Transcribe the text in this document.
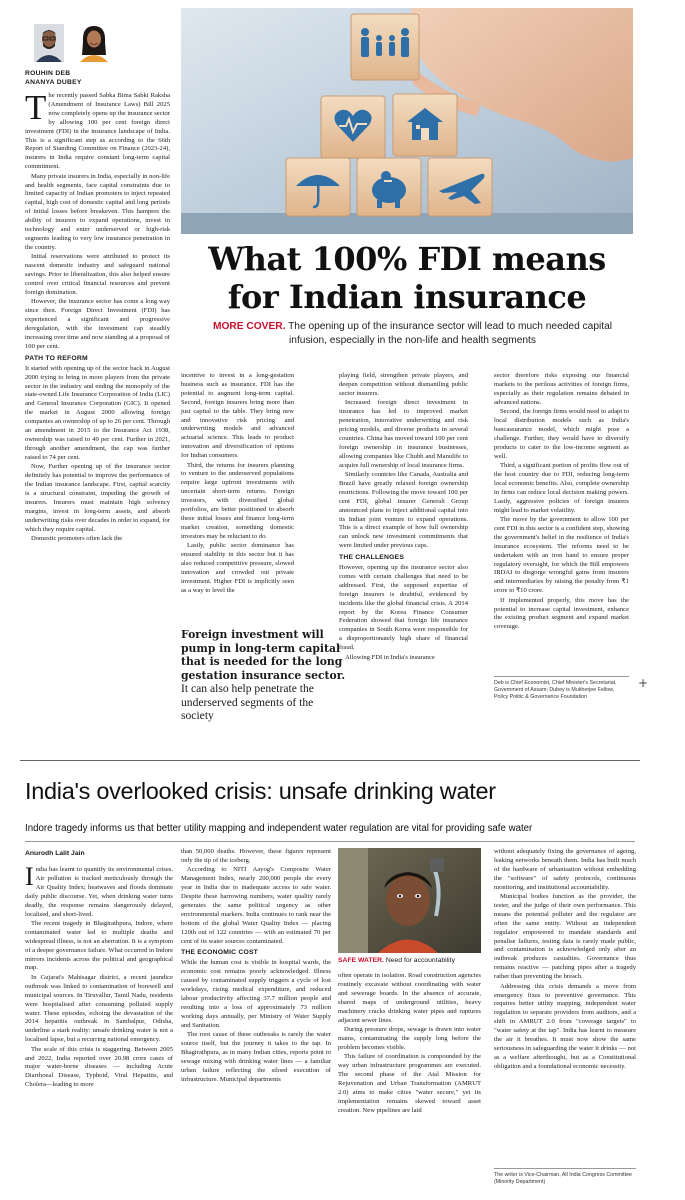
ROUHIN DEB
ANANYA DUBEY
What 100% FDI means
for Indian insurance
MORE COVER. The opening up of the insurance sector will lead to much needed capital infusion, especially in the non-life and health segments

The recently passed Sabka Bima Sabki Raksha (Amendment of Insurance Laws) Bill 2025 now completely opens up the insurance sector by allowing 100 per cent foreign direct investment (FDI) in the insurance landscape of India. This is a significant step as according to the 66th Report of Standing Committee on Finance (2023-24), insurers in India require constant long-term capital commitment.

Many private insurers in India, especially in non-life and health segments, face capital constraints due to limited capacity of Indian promoters to inject repeated capital, high cost of domestic capital and long periods of initial losses before breakeven. This hampers the ability of insurers to expand operations, invest in technology and enter underserved or high-risk segments leading to very low insurance penetration in the country.

Initial reservations were attributed to protect its nascent domestic industry and safeguard national savings. Prior to liberalization, this also helped ensure control over critical financial resources and prevent foreign domination.

However, the insurance sector has come a long way since then. Foreign Direct Investment (FDI) has experienced a significant and progressive deregulation, with the investment cap steadily increasing over time and now standing at a proposal of 100 per cent.

PATH TO REFORM

It started with opening up of the sector back in August 2000 trying to bring in more players from the private sector in the industry and ending the monopoly of the state-owned Life Insurance Corporation of India (LIC) and General Insurance Corporation (GIC). It opened the market in August 2000 allowing foreign companies an ownership of up to 26 per cent. Through an amendment in 2015 to the Insurance Act 1938, ownership was raised to 49 per cent. Further in 2021, through another amendment, the cap was further raised to 74 per cent.

Now, Further opening up of the insurance sector definitely has potential to improve the performance of the Indian insurance landscape. First, capital scarcity is a structural constraint, impeding the growth of insurers. Insurers must maintain high solvency margins, invest in long-term assets, and absorb underwriting risks over decades in order to expand, for which they require capital.

Domestic promoters often lack the

incentive to invest in a long-gestation business such as insurance. FDI has the potential to augment long-term capital. Second, foreign insurers bring more than just capital to the table. They bring new and innovative risk pricing and underwriting models and advanced actuarial science. This leads to product innovation and diversification of options for Indian consumers.

Third, the returns for insurers planning to venture to the underserved populations require large upfront investments with uncertain short-term returns. Foreign investors, with diversified global portfolios, are better positioned to absorb these initial losses and finance long-term market creation, something domestic investors may be reluctant to do.

Lastly, public sector dominance has ensured stability in this sector but it has also reduced competitive pressure, slowed innovation and crowded out private investment. Higher FDI is implicitly seen as a way to level the

Foreign investment will pump in long-term capital that is needed for the long gestation insurance sector. It can also help penetrate the underserved segments of the society

playing field, strengthen private players, and deepen competition without dismantling public sector insurers.

Increased foreign direct investment in insurance has led to improved market penetration, innovative underwriting and risk pricing models, and diverse products in several countries. China has moved toward 100 per cent foreign ownership in insurance businesses, allowing companies like Chubb and Manulife to acquire full ownership of local insurance firms.

Similarly countries like Canada, Australia and Brazil have greatly relaxed foreign ownership restrictions. Following the move toward 100 per cent FDI, global insurer Generali Group announced plans to inject additional capital into its Indian joint venture to expand operations. This is a direct example of how full ownership can unlock new investment commitments that were limited under previous caps.

THE CHALLENGES

However, opening up the insurance sector also comes with certain challenges that need to be addressed. First, the supposed expertise of foreign insurers is doubtful, evidenced by incidents like the global financial crisis. A 2014 report by the Korea Finance Consumer Federation showed that foreign life insurance companies in South Korea were responsible for a disproportionately high share of financial fraud.

Allowing FDI in India's insurance

sector therefore risks exposing our financial markets to the perilous activities of foreign firms, especially as their regulation remains debated in advanced nations.

Second, the foreign firms would need to adapt to local distribution models such as India's bancassurance model, which might pose a challenge. Further, they would have to diversify products to cater to the low-income segment as well.

Third, a significant portion of profits flow out of the host country due to FDI, reducing long-term local economic benefits. Also, complete ownership in firms can reduce local decision making powers. Lastly, aggressive policies of foreign insurers might lead to market volatility.

The move by the government to allow 100 per cent FDI in this sector is a confident step, showing the government's belief in the resilience of India's insurance ecosystem. The reforms need to be undertaken with an iron hand to ensure proper regulatory oversight, for which the Bill empowers IRDAI to disgorge wrongful gains from insurers and intermediaries by raising the penalty from ₹1 crore to ₹10 crore.

If implemented properly, this move has the potential to increase capital investment, enhance the existing product segment and expand market coverage.

Deb is Chief Economist, Chief Minister's Secretariat, Government of Assam; Dubey is Mukherjee Fellow, Policy Politic & Governance Foundation
+
India's overlooked crisis: unsafe drinking water
Indore tragedy informs us that better utility mapping and independent water regulation are vital for providing safe water
Anurodh Lalit Jain

India has learnt to quantify its environmental crises. Air pollution is tracked meticulously through the Air Quality Index; heatwaves and floods dominate daily public discourse. Yet, when drinking water turns deadly, the response remains dangerously delayed, localised, and short-lived.

The recent tragedy in Bhagirathpura, Indore, where contaminated water led to multiple deaths and widespread illness, is not an aberration. It is a symptom of a deeper governance failure. What occurred in Indore mirrors incidents across the political and geographical map.

In Gujarat's Mahisagar district, a recent jaundice outbreak was linked to contamination of borewell and municipal sources. In Tiruvallur, Tamil Nadu, residents were hospitalised after consuming polluted supply water. These episodes, echoing the devastation of the 2014 hepatitis outbreak in Sambalpur, Odisha, underline a stark reality: unsafe drinking water is not a localised lapse, but a recurring national emergency.

The scale of this crisis is staggering. Between 2005 and 2022, India reported over 20.98 crore cases of major water-borne diseases — including Acute Diarrhoeal Disease, Typhoid, Viral Hepatitis, and Cholera—leading to more

than 50,000 deaths. However, these figures represent only the tip of the iceberg.

According to NITI Aayog's Composite Water Management Index, nearly 200,000 people die every year in India due to inadequate access to safe water. Despite these harrowing numbers, water quality rarely generates the same political urgency as other environmental markers. India continues to rank near the bottom of the global Water Quality Index — placing 120th out of 122 countries — with an estimated 70 per cent of its water sources contaminated.

THE ECONOMIC COST

While the human cost is visible in hospital wards, the economic cost remains poorly acknowledged. Illness caused by contaminated supply triggers a cycle of lost workdays, rising medical expenditure, and reduced labour productivity affecting 37.7 million people and resulting into a loss of approximately 73 million working days annually, per Ministry of Water Supply and Sanitation.

The root cause of these outbreaks is rarely the water source itself, but the journey it takes to the tap. In Bhagirathpura, as in many Indian cities, reports point to sewage mixing with drinking water lines — a familiar urban failure reflecting the siloed execution of infrastructure. Municipal departments

SAFE WATER. Need for accountability

often operate in isolation. Road construction agencies routinely excavate without coordinating with water and sewerage boards. In the absence of accurate, shared maps of underground utilities, heavy machinery cracks drinking water pipes and ruptures adjacent sewer lines.

During pressure drops, sewage is drawn into water mains, contaminating the supply long before the problem becomes visible.

This failure of coordination is compounded by the way urban infrastructure programmes are executed. The second phase of the Atal Mission for Rejuvenation and Urban Transformation (AMRUT 2.0) aims to make cities "water secure," yet its implementation remains skewed toward asset creation. New pipelines are laid

without adequately fixing the governance of ageing, leaking networks beneath them. India has built much of the hardware of urbanisation without embedding the "software" of safety protocols, continuous monitoring, and institutional accountability.

Municipal bodies function as the provider, the tester, and the judge of their own performance. This means the potential polluter and the regulator are often the same entity. Without an independent regulator empowered to mandate standards and penalise failures, testing data is rarely made public, and contamination is acknowledged only after an outbreak produces casualties. Governance thus remains reactive — patching pipes after a tragedy rather than preventing the breach.

Addressing this crisis demands a move from emergency fixes to preventive governance. This requires better utility mapping, independent water regulation to separate providers from auditors, and a shift in AMRUT 2.0 from "coverage targets" to "water safety at the tap". India has learnt to measure the air it breathes. It must now show the same seriousness in safeguarding the water it drinks — not as a welfare afterthought, but as a Constitutional obligation and a foundational economic necessity.

The writer is Vice-Chairman, All India Congress Committee (Minority Department)
